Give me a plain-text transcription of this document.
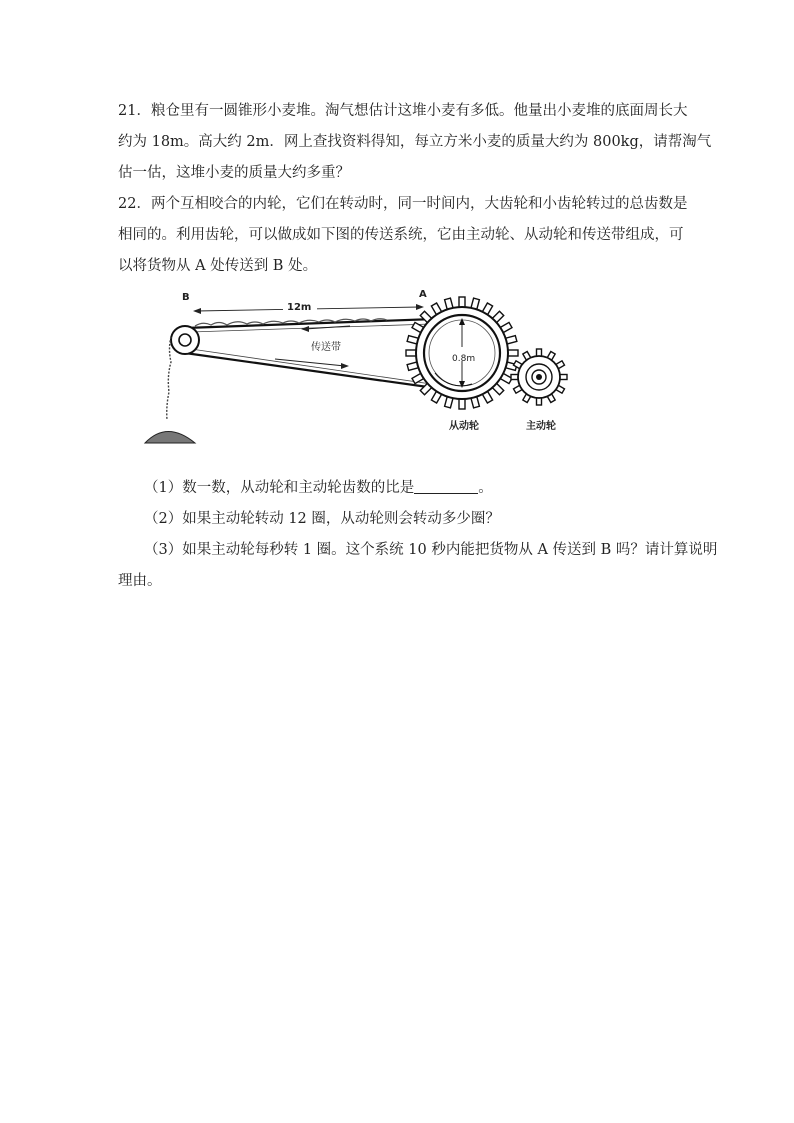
21．粮仓里有一圆锥形小麦堆。淘气想估计这堆小麦有多低。他量出小麦堆的底面周长大
约为 18m。高大约 2m．网上查找资料得知，每立方米小麦的质量大约为 800kg，请帮淘气
估一估，这堆小麦的质量大约多重？

22．两个互相咬合的内轮，它们在转动时，同一时间内，大齿轮和小齿轮转过的总齿数是
相同的。利用齿轮，可以做成如下图的传送系统，它由主动轮、从动轮和传送带组成，可
以将货物从 A 处传送到 B 处。

B	A
12m
传送带
0.8m
从动轮	主动轮

（1）数一数，从动轮和主动轮齿数的比是	。

（2）如果主动轮转动 12 圈，从动轮则会转动多少圈？

（3）如果主动轮每秒转 1 圈。这个系统 10 秒内能把货物从 A 传送到 B 吗？请计算说明
理由。
